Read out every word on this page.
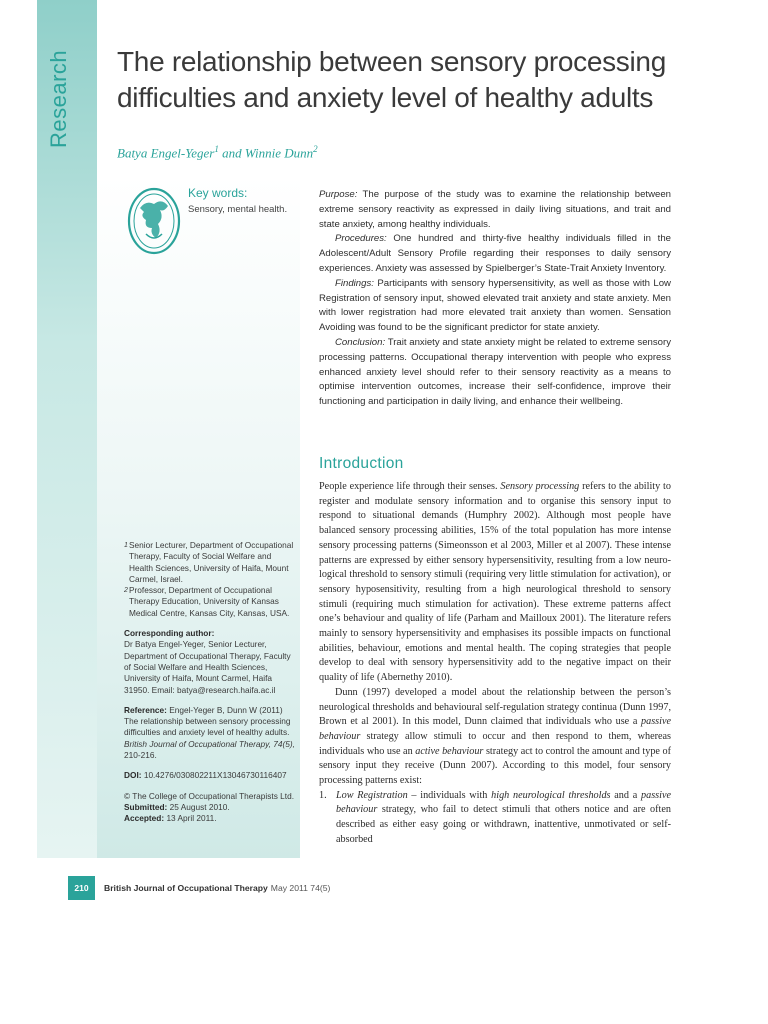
Research The relationship between sensory processing difficulties and anxiety level of healthy adults
Batya Engel-Yeger$^1$ and Winnie Dunn$^2$
Key words:
Sensory, mental health.

Purpose: The purpose of the study was to examine the relationship between extreme sensory reactivity as expressed in daily living situations, and trait and state anxiety, among healthy individuals.

Procedures: One hundred and thirty-five healthy individuals filled in the Adolescent/Adult Sensory Profile regarding their responses to daily sensory experiences. Anxiety was assessed by Spielberger’s State-Trait Anxiety Inventory.

Findings: Participants with sensory hypersensitivity, as well as those with Low Registration of sensory input, showed elevated trait anxiety and state anxiety. Men with lower registration had more elevated trait anxiety than women. Sensation Avoiding was found to be the significant predictor for state anxiety.

Conclusion: Trait anxiety and state anxiety might be related to extreme sensory processing patterns. Occupational therapy intervention with people who express enhanced anxiety level should refer to their sensory reactivity as a means to optimise intervention outcomes, increase their self-confidence, improve their functioning and participation in daily living, and enhance their wellbeing.

Introduction

People experience life through their senses. Sensory processing refers to the ability to register and modulate sensory information and to organise this sensory input to respond to situational demands (Humphry 2002). Although most people have balanced sensory processing abilities, 15% of the total population has more intense sensory processing patterns (Simeonsson et al 2003, Miller et al 2007). These intense patterns are expressed by either sensory hypersensitivity, resulting from a low neuro-logical threshold to sensory stimuli (requiring very little stimulation for activation), or sensory hyposensitivity, resulting from a high neurological threshold to sensory stimuli (requiring much stimulation for activation). These extreme patterns affect one’s behaviour and quality of life (Parham and Mailloux 2001). The literature refers mainly to sensory hypersensitivity and emphasises its possible impacts on functional abilities, behaviour, emotions and mental health. The coping strategies that people develop to deal with sensory hypersensitivity add to the negative impact on their quality of life (Abernethy 2010).

Dunn (1997) developed a model about the relationship between the person’s neurological thresholds and behavioural self-regulation strategy continua (Dunn 1997, Brown et al 2001). In this model, Dunn claimed that individuals who use a passive behaviour strategy allow stimuli to occur and then respond to them, whereas individuals who use an active behaviour strategy act to control the amount and type of sensory input they receive (Dunn 2007). According to this model, four sensory processing patterns exist:

1. Low Registration – individuals with high neurological thresholds and a passive behaviour strategy, who fail to detect stimuli that others notice and are often described as either easy going or withdrawn, inattentive, unmotivated or self-absorbed
1 Senior Lecturer, Department of Occupational Therapy, Faculty of Social Welfare and Health Sciences, University of Haifa, Mount Carmel, Israel.
2 Professor, Department of Occupational Therapy Education, University of Kansas Medical Centre, Kansas City, Kansas, USA.

Corresponding author:

Dr Batya Engel-Yeger, Senior Lecturer, Department of Occupational Therapy, Faculty of Social Welfare and Health Sciences, University of Haifa, Mount Carmel, Haifa 31950. Email: batya@research.haifa.ac.il

Reference: Engel-Yeger B, Dunn W (2011) The relationship between sensory processing difficulties and anxiety level of healthy adults. British Journal of Occupational Therapy, 74(5), 210-216.

DOI: 10.4276/030802211X13046730116407

© The College of Occupational Therapists Ltd.

Submitted: 25 August 2010.

Accepted: 13 April 2011.

210	British Journal of Occupational Therapy May 2011 74(5)
